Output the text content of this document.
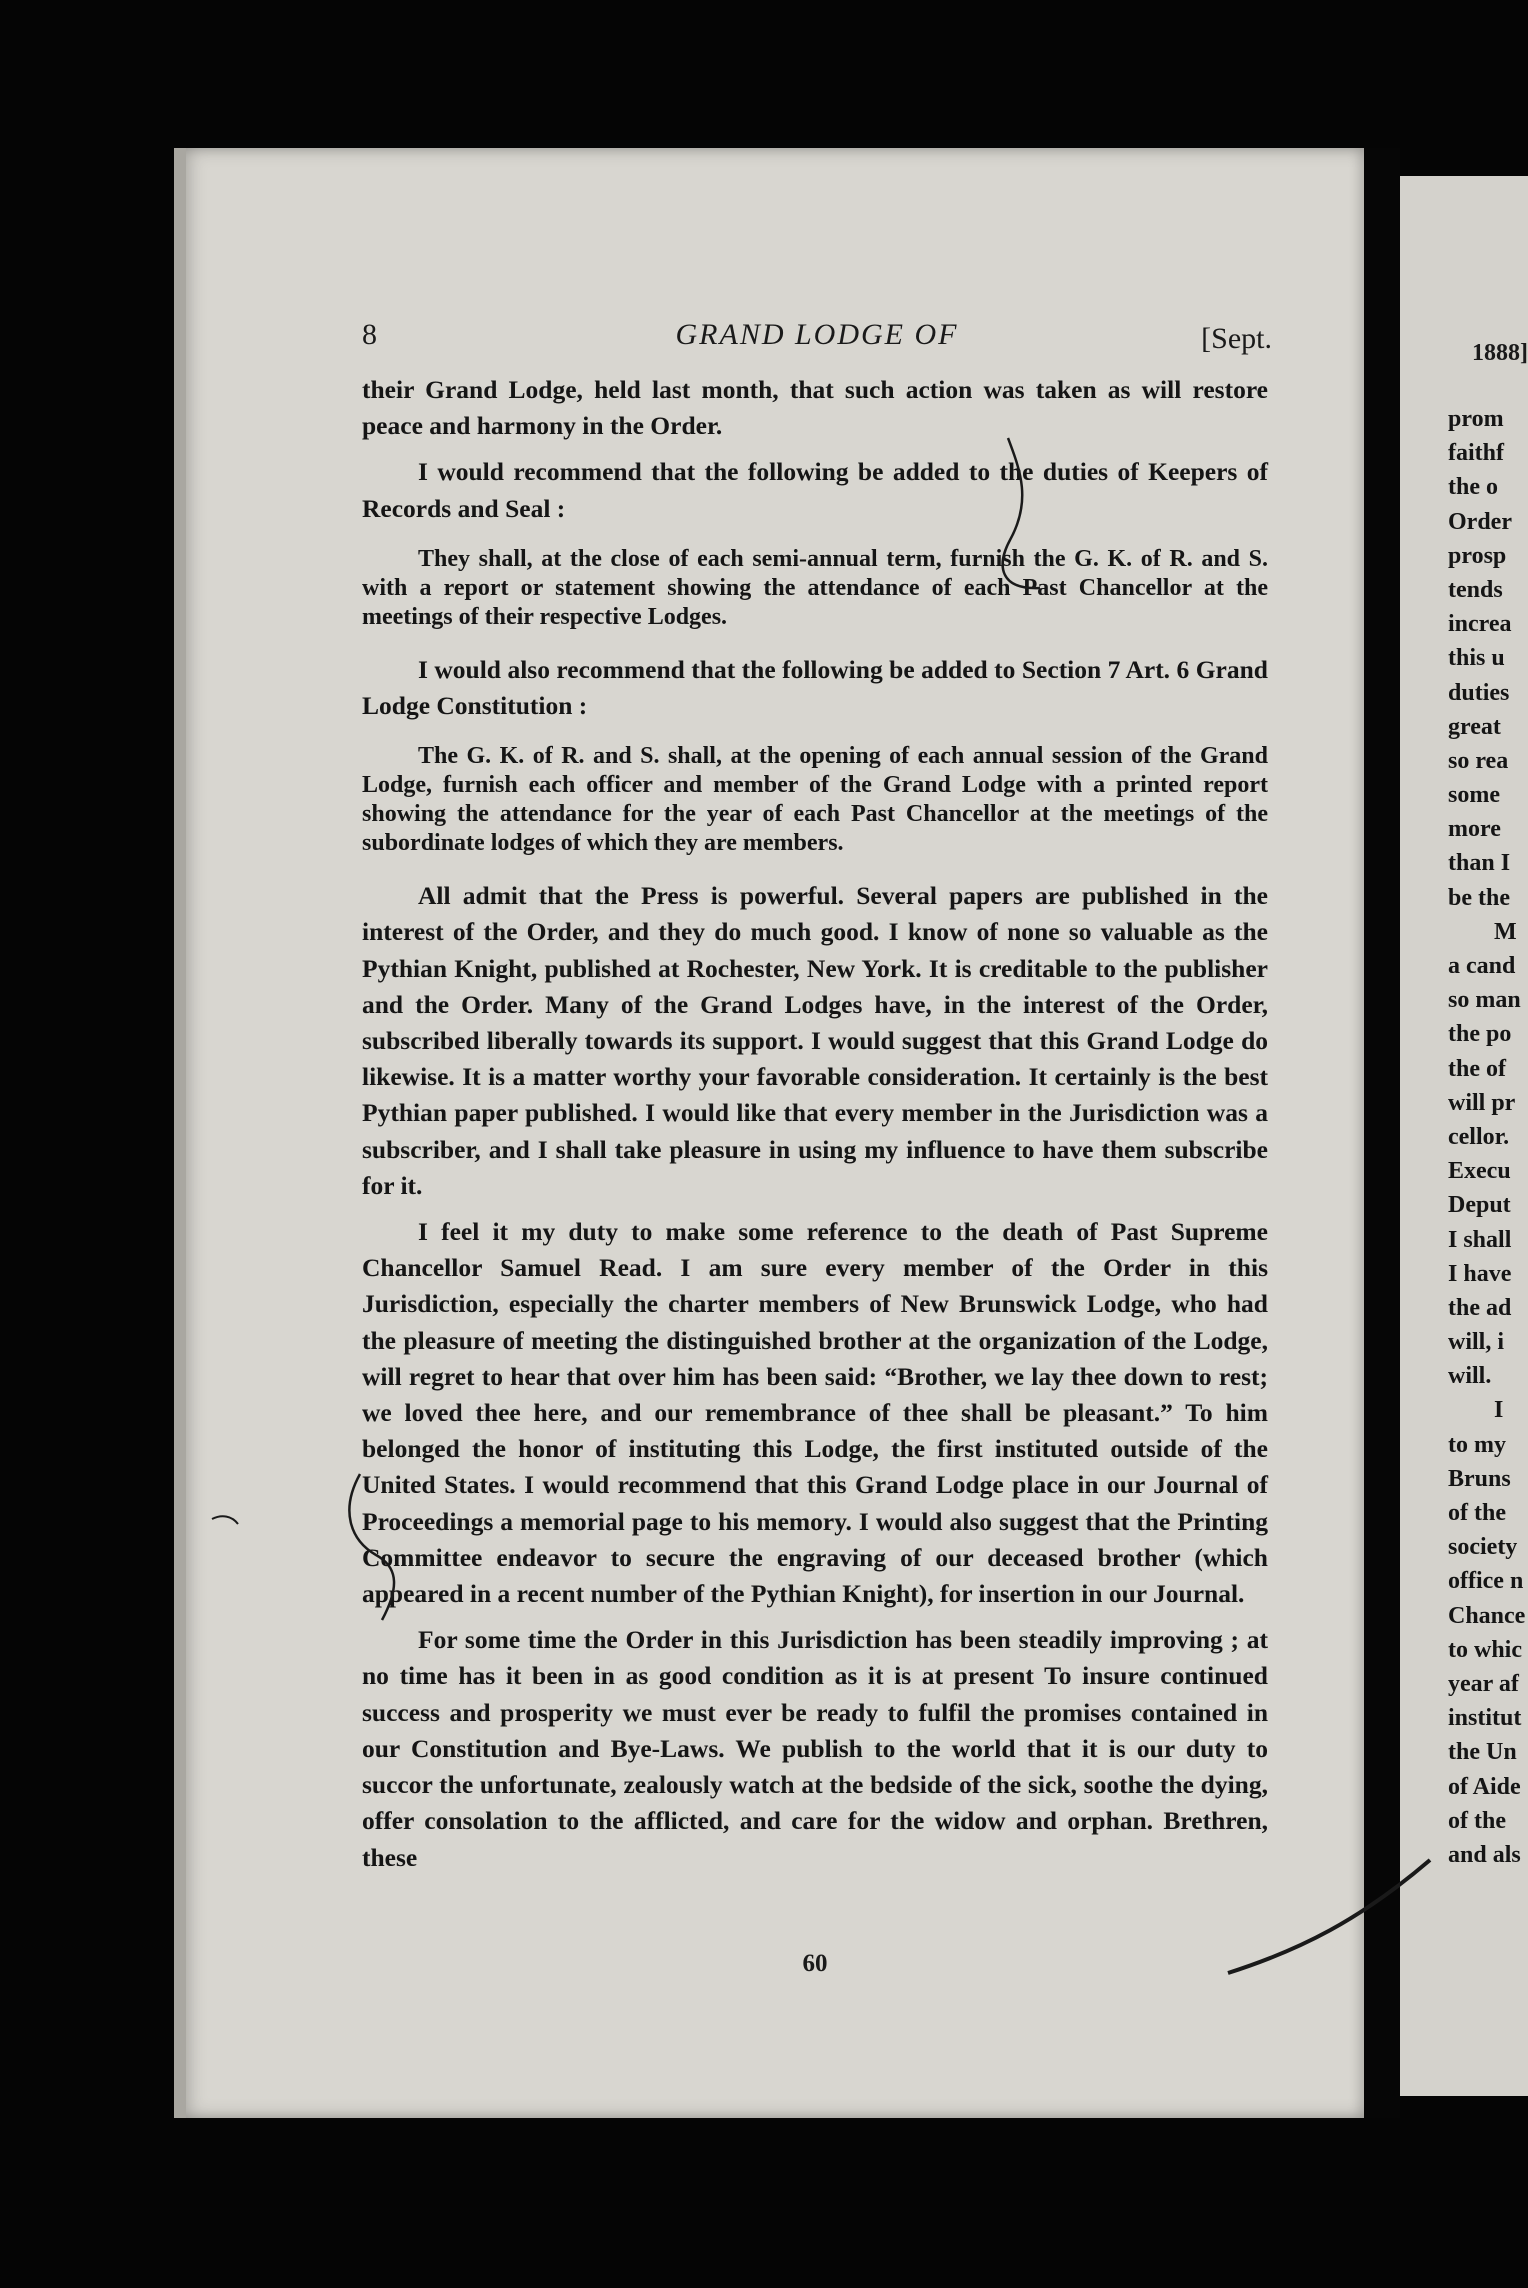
8	GRAND LODGE OF	[Sept.

their Grand Lodge, held last month, that such action was taken as will restore peace and harmony in the Order.

I would recommend that the following be added to the duties of Keepers of Records and Seal :

They shall, at the close of each semi-annual term, furnish the G. K. of R. and S. with a report or statement showing the attendance of each Past Chancellor at the meetings of their respective Lodges.

I would also recommend that the following be added to Section 7 Art. 6 Grand Lodge Constitution :

The G. K. of R. and S. shall, at the opening of each annual session of the Grand Lodge, furnish each officer and member of the Grand Lodge with a printed report showing the attendance for the year of each Past Chancellor at the meetings of the subordinate lodges of which they are members.

All admit that the Press is powerful. Several papers are published in the interest of the Order, and they do much good. I know of none so valuable as the Pythian Knight, published at Rochester, New York. It is creditable to the publisher and the Order. Many of the Grand Lodges have, in the interest of the Order, subscribed liberally towards its support. I would suggest that this Grand Lodge do likewise. It is a matter worthy your favorable consideration. It certainly is the best Pythian paper published. I would like that every member in the Jurisdiction was a subscriber, and I shall take pleasure in using my influence to have them subscribe for it.

I feel it my duty to make some reference to the death of Past Supreme Chancellor Samuel Read. I am sure every member of the Order in this Jurisdiction, especially the charter members of New Brunswick Lodge, who had the pleasure of meeting the distinguished brother at the organization of the Lodge, will regret to hear that over him has been said: “Brother, we lay thee down to rest; we loved thee here, and our remembrance of thee shall be pleasant.” To him belonged the honor of instituting this Lodge, the first instituted outside of the United States. I would recommend that this Grand Lodge place in our Journal of Proceedings a memorial page to his memory. I would also suggest that the Printing Committee endeavor to secure the engraving of our deceased brother (which appeared in a recent number of the Pythian Knight), for insertion in our Journal.

For some time the Order in this Jurisdiction has been steadily improving ; at no time has it been in as good condition as it is at present To insure continued success and prosperity we must ever be ready to fulfil the promises contained in our Constitution and Bye-Laws. We publish to the world that it is our duty to succor the unfortunate, zealously watch at the bedside of the sick, soothe the dying, offer consolation to the afflicted, and care for the widow and orphan. Brethren, these

60
1888]
prom
faithf
the o
Order
prosp
tends
increa
this u
duties
great
so rea
some
more
than I
be the
M
a cand
so man
the po
the of
will pr
cellor.
Execu
Deput
I shall
I have
the ad
will, i
will.
I
to my
Bruns
of the
society
office n
Chance
to whic
year af
institut
the Un
of Aide
of the
and als
